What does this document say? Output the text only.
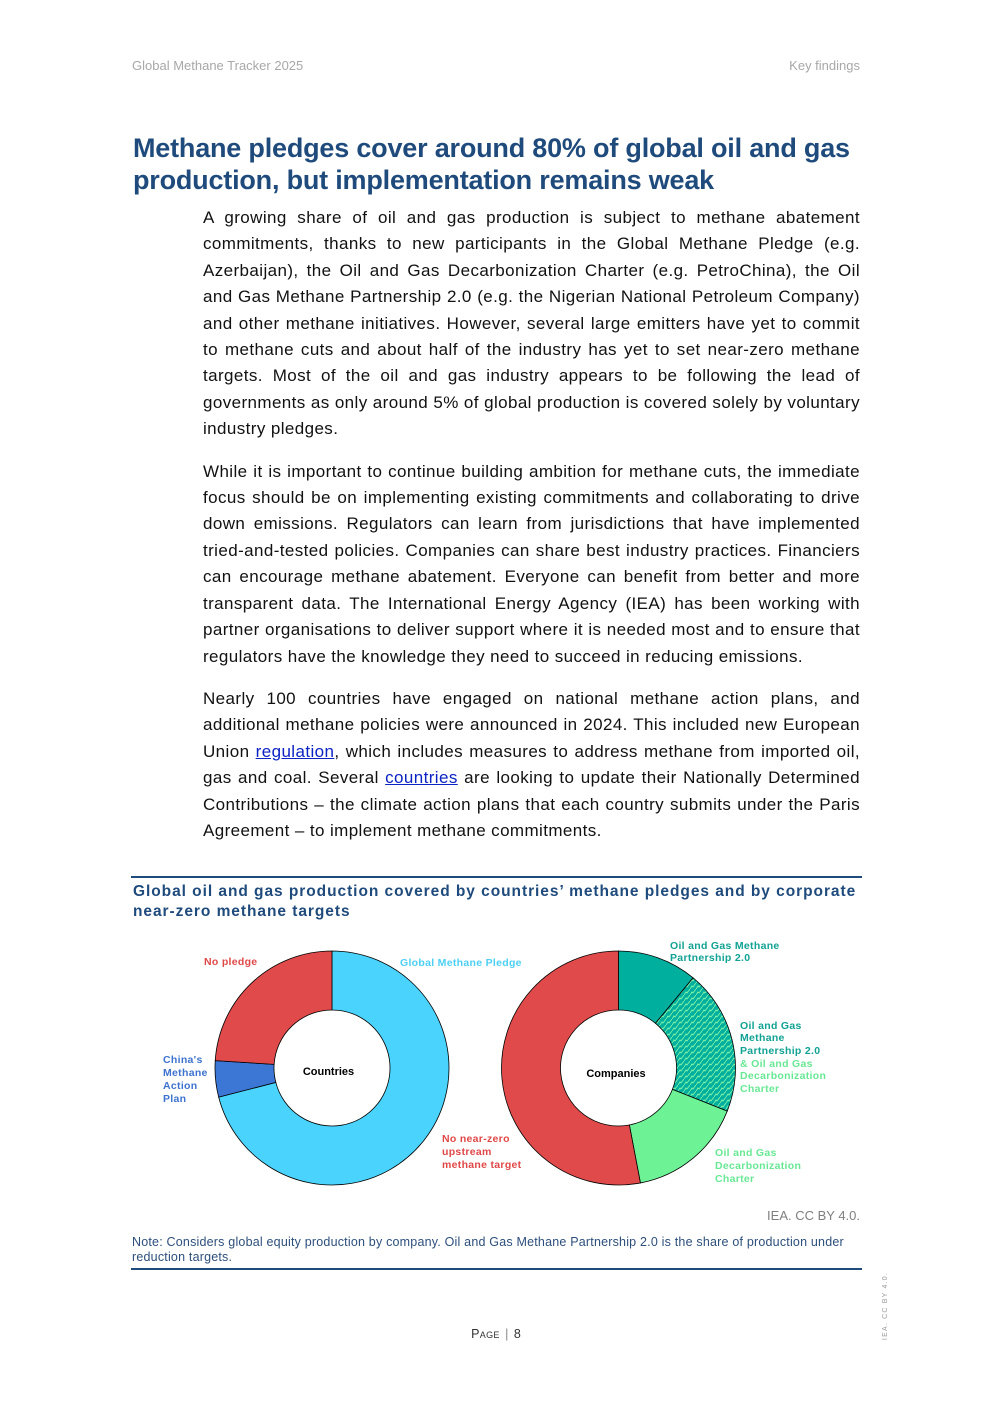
Global Methane Tracker 2025	Key findings
Methane pledges cover around 80% of global oil and gas production, but implementation remains weak

A growing share of oil and gas production is subject to methane abatement commitments, thanks to new participants in the Global Methane Pledge (e.g. Azerbaijan), the Oil and Gas Decarbonization Charter (e.g. PetroChina), the Oil and Gas Methane Partnership 2.0 (e.g. the Nigerian National Petroleum Company) and other methane initiatives. However, several large emitters have yet to commit to methane cuts and about half of the industry has yet to set near-zero methane targets. Most of the oil and gas industry appears to be following the lead of governments as only around 5% of global production is covered solely by voluntary industry pledges.

While it is important to continue building ambition for methane cuts, the immediate focus should be on implementing existing commitments and collaborating to drive down emissions. Regulators can learn from jurisdictions that have implemented tried-and-tested policies. Companies can share best industry practices. Financiers can encourage methane abatement. Everyone can benefit from better and more transparent data. The International Energy Agency (IEA) has been working with partner organisations to deliver support where it is needed most and to ensure that regulators have the knowledge they need to succeed in reducing emissions.

Nearly 100 countries have engaged on national methane action plans, and additional methane policies were announced in 2024. This included new European Union regulation, which includes measures to address methane from imported oil, gas and coal. Several countries are looking to update their Nationally Determined Contributions – the climate action plans that each country submits under the Paris Agreement – to implement methane commitments.

Global oil and gas production covered by countries’ methane pledges and by corporate near-zero methane targets
Countries	Companies
No pledge	Global Methane Pledge
China's
Methane
Action
Plan
No near-zero
upstream
methane target
Oil and Gas Methane
Partnership 2.0
Oil and Gas
Methane
Partnership 2.0
& Oil and Gas
Decarbonization
Charter
Oil and Gas
Decarbonization
Charter
IEA. CC BY 4.0.

Note: Considers global equity production by company. Oil and Gas Methane Partnership 2.0 is the share of production under reduction targets.

Page | 8	IEA. CC BY 4.0.
